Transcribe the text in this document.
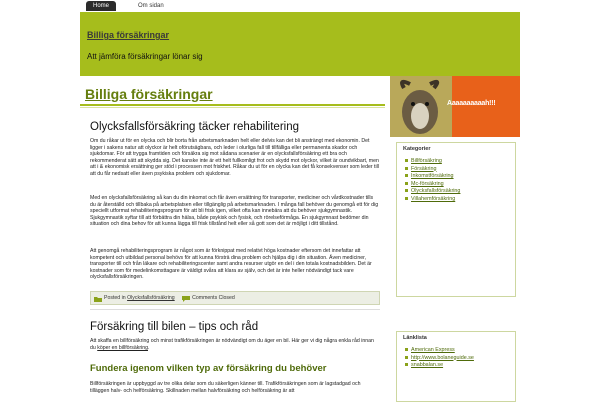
Home	Om sidan
Billiga försäkringar
Att jämföra försäkringar lönar sig
Billiga försäkringar
Olycksfallsförsäkring täcker rehabilitering

Om du råkar ut för en olycka och blir borta från arbetsmarknaden helt eller delvis kan det bli ansträngt med ekonomin. Det ligger i sakens natur att olyckor är helt oförutsägbara, och leder i olurliga fall till tillfälliga eller permanenta skador och sjukdomar. För att trygga framtiden och försäkra sig mot sådana scenarier är en olycksfallsförsäkring ett bra och rekommenderat sätt att skydda sig. Det kanske inte är ett helt fullkomligt frot och skydd mot olyckor, vilket är oundvikbart, men att i & ekonomisk ersättning ger stöd i processen mot friskhet. Råkar du ut för en olycka kan det få konsekvenser som leder till att du får nedsatt eller även psykiska problem och sjukdomar.

Med en olycksfallsförsäkring så kan du din inkomst och får även ersättning för transporter, mediciner och vårdkostnader tills du är återställd och tillbaka på arbetsplatsen eller tillgänglig på arbetsmarknaden. I många fall behöver du genomgå ett för dig speciellt utformat rehabiliteringsprogram för att bli frisk igen, vilket ofta kan innebära att du behöver sjukgymnastik. Sjukgymnastik syftar till att förbättra din hälsa, både psykisk och fysisk, och rörelseförmåga. En sjukgymnast bedömer din situation och dina behov för att kunna lägga till frisk tillstånd helt eller så gott som det är möjligt i ditt tillstånd.

Att genomgå rehabiliteringsprogram är något som är förknippat med relativt höga kostnader eftersom det innefattar att kompetent och utbildad personal behövs för att kunna försträ dina problem och hjälpa dig i din situation. Även mediciner, transporter till och från läkare och rehabiliteringscenter samt andra resurser utgör en del i den totala kostnadsbilden. Det är kostnader som för medelinkomsttagare är väldigt svåra att klara av själv, och det är inte heller nödvändigt tack vare olycksfallsförsäkringen.

Posted in Olycksfallsförsäkring	Comments Closed
Försäkring till bilen – tips och råd

Att skaffa en billförsäkring och minst trafikförsäkringen är nödvändigt om du äger en bil. Här ger vi dig några enkla råd innan du köper en billförsäkring.

Fundera igenom vilken typ av försäkring du behöver

Billförsäkringen är uppbyggd av tre olika delar som du säkerligen känner till. Trafikförsäkringen som är lagstadgad och tilläggen halv- och helförsäkring. Skillnaden mellan halvförsäkring och helförsäkring är att

Aaaaaaaaaah!!!
Kategorier
Billförsäkring
Försäkring
Inkomstförsäkring
Mc-försäkring
Olycksfallsförsäkring
Villahemförsäkring
Länklista
American Express
http://www.bolaneguide.se
snabbalan.se
